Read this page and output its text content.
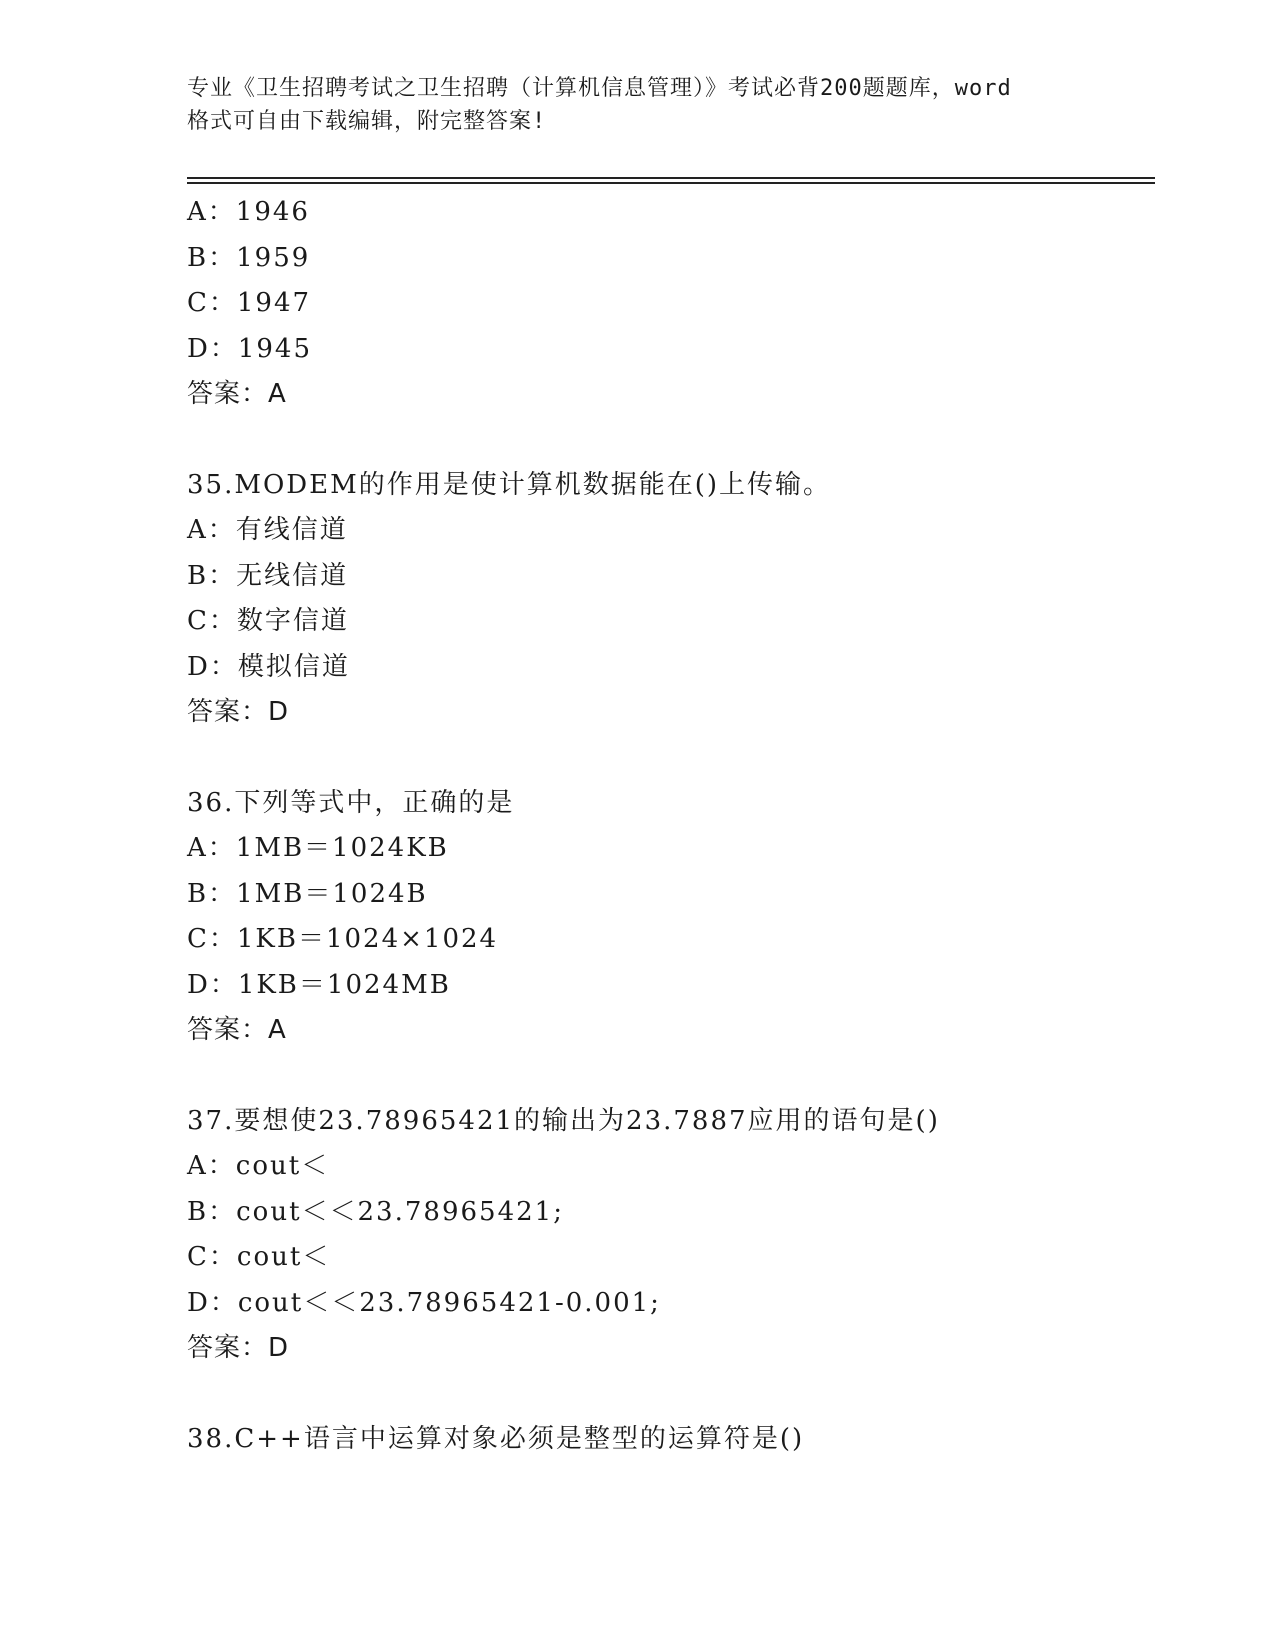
专业《卫生招聘考试之卫生招聘（计算机信息管理）》考试必背200题题库，word
格式可自由下载编辑，附完整答案!
A：1946
B：1959
C：1947
D：1945
答案：A
35.MODEM的作用是使计算机数据能在()上传输。
A：有线信道
B：无线信道
C：数字信道
D：模拟信道
答案：D
36.下列等式中，正确的是
A：1MB＝1024KB
B：1MB＝1024B
C：1KB＝1024×1024
D：1KB＝1024MB
答案：A
37.要想使23.78965421的输出为23.7887应用的语句是()
A：cout＜
B：cout＜＜23.78965421;
C：cout＜
D：cout＜＜23.78965421-0.001;
答案：D
38.C++语言中运算对象必须是整型的运算符是()
